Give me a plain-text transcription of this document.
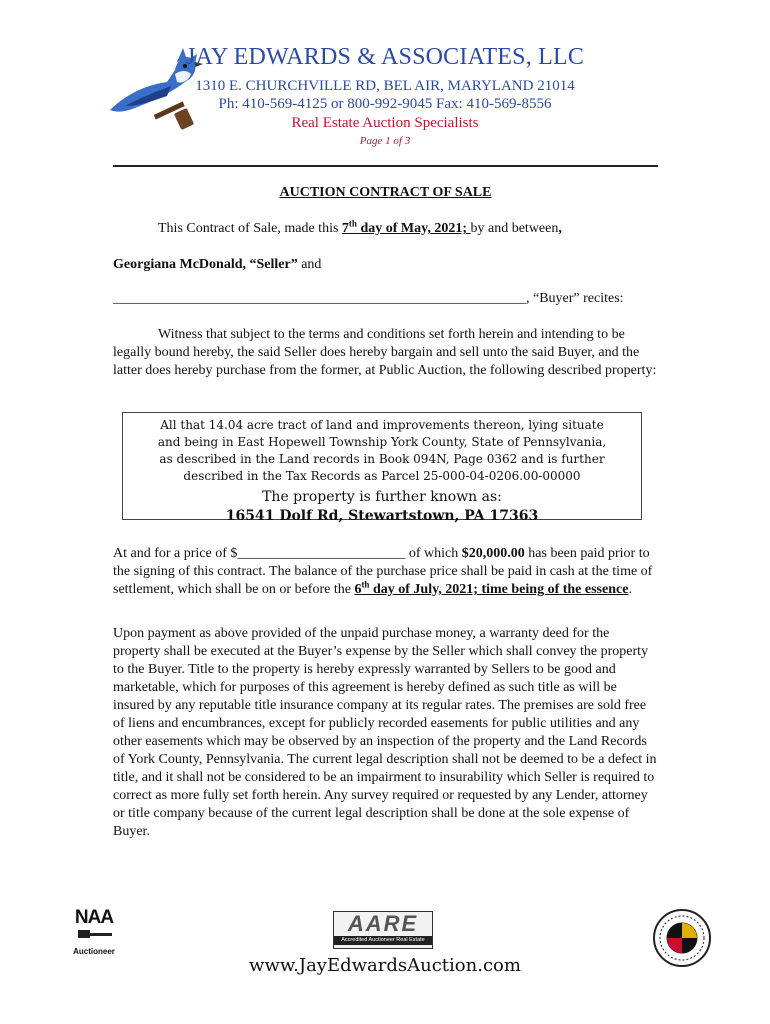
JAY EDWARDS & ASSOCIATES, LLC
1310 E. CHURCHVILLE RD, BEL AIR, MARYLAND 21014
Ph: 410-569-4125 or 800-992-9045 Fax: 410-569-8556
Real Estate Auction Specialists
Page 1 of 3
AUCTION CONTRACT OF SALE
This Contract of Sale, made this 7th day of May, 2021; by and between,
Georgiana McDonald, “Seller” and
___________________________________________________________, “Buyer” recites:
Witness that subject to the terms and conditions set forth herein and intending to be legally bound hereby, the said Seller does hereby bargain and sell unto the said Buyer, and the latter does hereby purchase from the former, at Public Auction, the following described property:
All that 14.04 acre tract of land and improvements thereon, lying situate
and being in East Hopewell Township York County, State of Pennsylvania,
as described in the Land records in Book 094N, Page 0362 and is further
described in the Tax Records as Parcel 25-000-04-0206.00-00000
The property is further known as:
16541 Dolf Rd, Stewartstown, PA 17363
At and for a price of $________________________ of which $20,000.00 has been paid prior to the signing of this contract. The balance of the purchase price shall be paid in cash at the time of settlement, which shall be on or before the 6th day of July, 2021; time being of the essence.
Upon payment as above provided of the unpaid purchase money, a warranty deed for the property shall be executed at the Buyer’s expense by the Seller which shall convey the property to the Buyer. Title to the property is hereby expressly warranted by Sellers to be good and marketable, which for purposes of this agreement is hereby defined as such title as will be insured by any reputable title insurance company at its regular rates. The premises are sold free of liens and encumbrances, except for publicly recorded easements for public utilities and any other easements which may be observed by an inspection of the property and the Land Records of York County, Pennsylvania. The current legal description shall not be deemed to be a defect in title, and it shall not be considered to be an impairment to insurability which Seller is required to correct as more fully set forth herein. Any survey required or requested by any Lender, attorney or title company because of the current legal description shall be done at the sole expense of Buyer.
NAA
Auctioneer
AARE
Accredited Auctioneer Real Estate
www.JayEdwardsAuction.com
